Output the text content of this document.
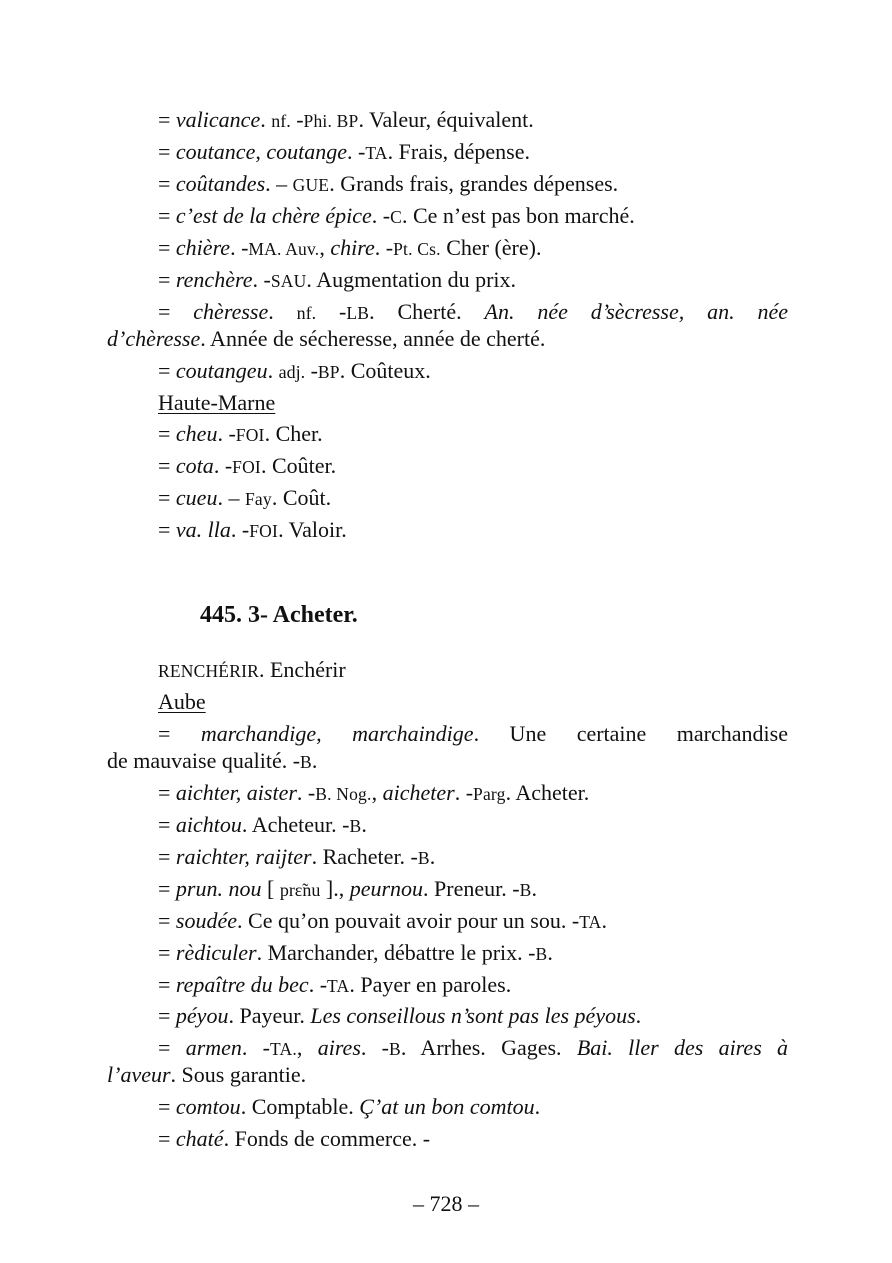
= valicance. nf. -Phi. BP. Valeur, équivalent.
= coutance, coutange. -TA. Frais, dépense.
= coûtandes. – GUE. Grands frais, grandes dépenses.
= c’est de la chère épice. -C. Ce n’est pas bon marché.
= chière. -MA. Auv., chire. -Pt. Cs. Cher (ère).
= renchère. -SAU. Augmentation du prix.
= chèresse. nf. -LB. Cherté. An. née d’sècresse, an. née
d’chèresse. Année de sécheresse, année de cherté.
= coutangeu. adj. -BP. Coûteux.
Haute-Marne
= cheu. -FOI. Cher.
= cota. -FOI. Coûter.
= cueu. – Fay. Coût.
= va. lla. -FOI. Valoir.
445. 3- Acheter.
RENCHÉRIR. Enchérir
Aube
= marchandige, marchaindige. Une certaine marchandise
de mauvaise qualité. -B.
= aichter, aister. -B. Nog., aicheter. -Parg. Acheter.
= aichtou. Acheteur. -B.
= raichter, raijter. Racheter. -B.
= prun. nou [ prɛ̃nu ]., peurnou. Preneur. -B.
= soudée. Ce qu’on pouvait avoir pour un sou. -TA.
= rèdiculer. Marchander, débattre le prix. -B.
= repaître du bec. -TA. Payer en paroles.
= péyou. Payeur. Les conseillous n’sont pas les péyous.
= armen. -TA., aires. -B. Arrhes. Gages. Bai. ller des aires à
l’aveur. Sous garantie.
= comtou. Comptable. Ç’at un bon comtou.
= chaté. Fonds de commerce. -
– 728 –
